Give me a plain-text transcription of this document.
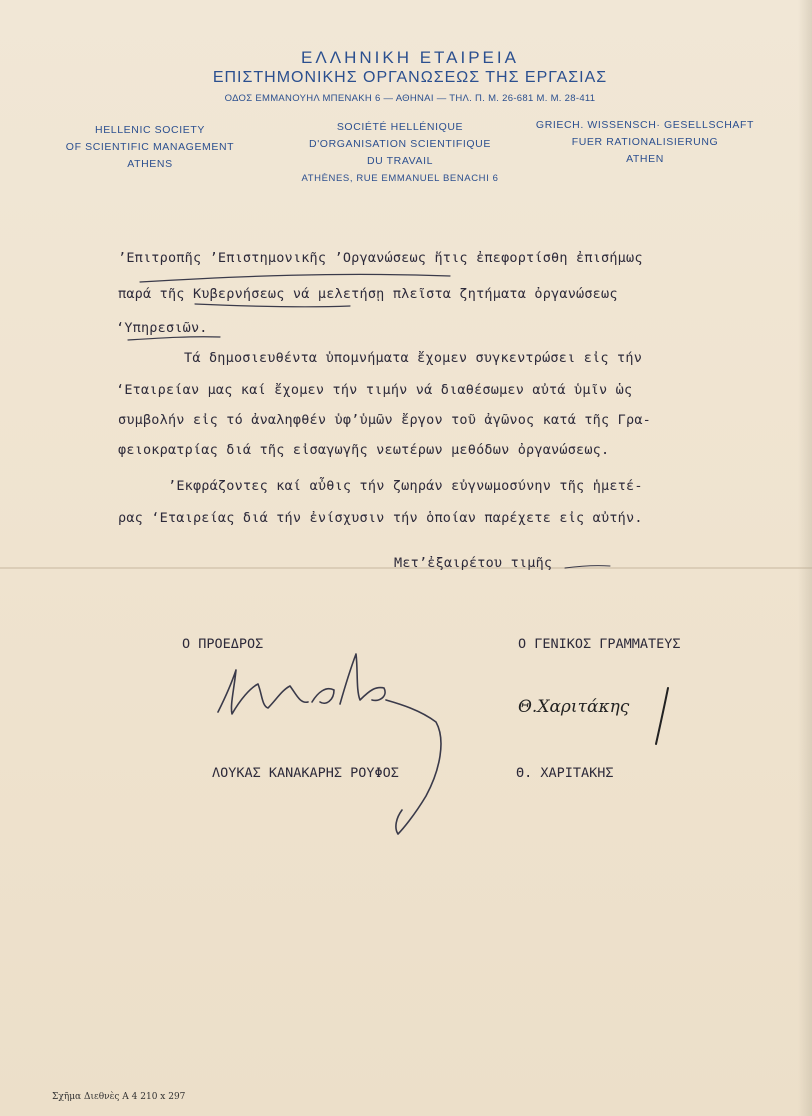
ΕΛΛΗΝΙΚΗ ΕΤΑΙΡΕΙΑ
ΕΠΙΣΤΗΜΟΝΙΚΗΣ ΟΡΓΑΝΩΣΕΩΣ ΤΗΣ ΕΡΓΑΣΙΑΣ
ΟΔΟΣ ΕΜΜΑΝΟΥΗΛ ΜΠΕΝΑΚΗ 6 — ΑΘΗΝΑΙ — ΤΗΛ. Π. Μ. 26-681 Μ. Μ. 28-411
HELLENIC SOCIETY
OF SCIENTIFIC MANAGEMENT
ATHENS
SOCIÉTÉ HELLÉNIQUE
D'ORGANISATION SCIENTIFIQUE
DU TRAVAIL
ATHÈNES, RUE EMMANUEL BENACHI 6
GRIECH. WISSENSCH· GESELLSCHAFT
FUER RATIONALISIERUNG
ATHEN
’Επιτροπῆς ’Επιστημονικῆς ’Οργανώσεως ἥτις ἐπεφορτίσθη ἐπισήμως
παρά τῆς Κυβερνήσεως νά μελετήσῃ πλεῖστα ζητήματα ὀργανώσεως
‘Υπηρεσιῶν.
Τά δημοσιευθέντα ὑπομνήματα ἔχομεν συγκεντρώσει εἰς τήν
‘Εταιρείαν μας καί ἔχομεν τήν τιμήν νά διαθέσωμεν αὐτά ὑμῖν ὡς
συμβολήν εἰς τό ἀναληφθέν ὑφ’ὑμῶν ἔργον τοῦ ἀγῶνος κατά τῆς Γρα-
φειοκρατρίας διά τῆς εἰσαγωγῆς νεωτέρων μεθόδων ὀργανώσεως.
’Εκφράζοντες καί αὖθις τήν ζωηράν εὐγνωμοσύνην τῆς ἡμετέ-
ρας ‘Εταιρείας διά τήν ἐνίσχυσιν τήν ὁποίαν παρέχετε εἰς αὐτήν.
Μετ’ἐξαιρέτου τιμῆς
Ο ΠΡΟΕΔΡΟΣ	Ο ΓΕΝΙΚΟΣ ΓΡΑΜΜΑΤΕΥΣ
ΛΟΥΚΑΣ ΚΑΝΑΚΑΡΗΣ ΡΟΥΦΟΣ	Θ. ΧΑΡΙΤΑΚΗΣ
Θ.Χαριτάκης
Σχῆμα Διεθνὲς Α 4 210 x 297
